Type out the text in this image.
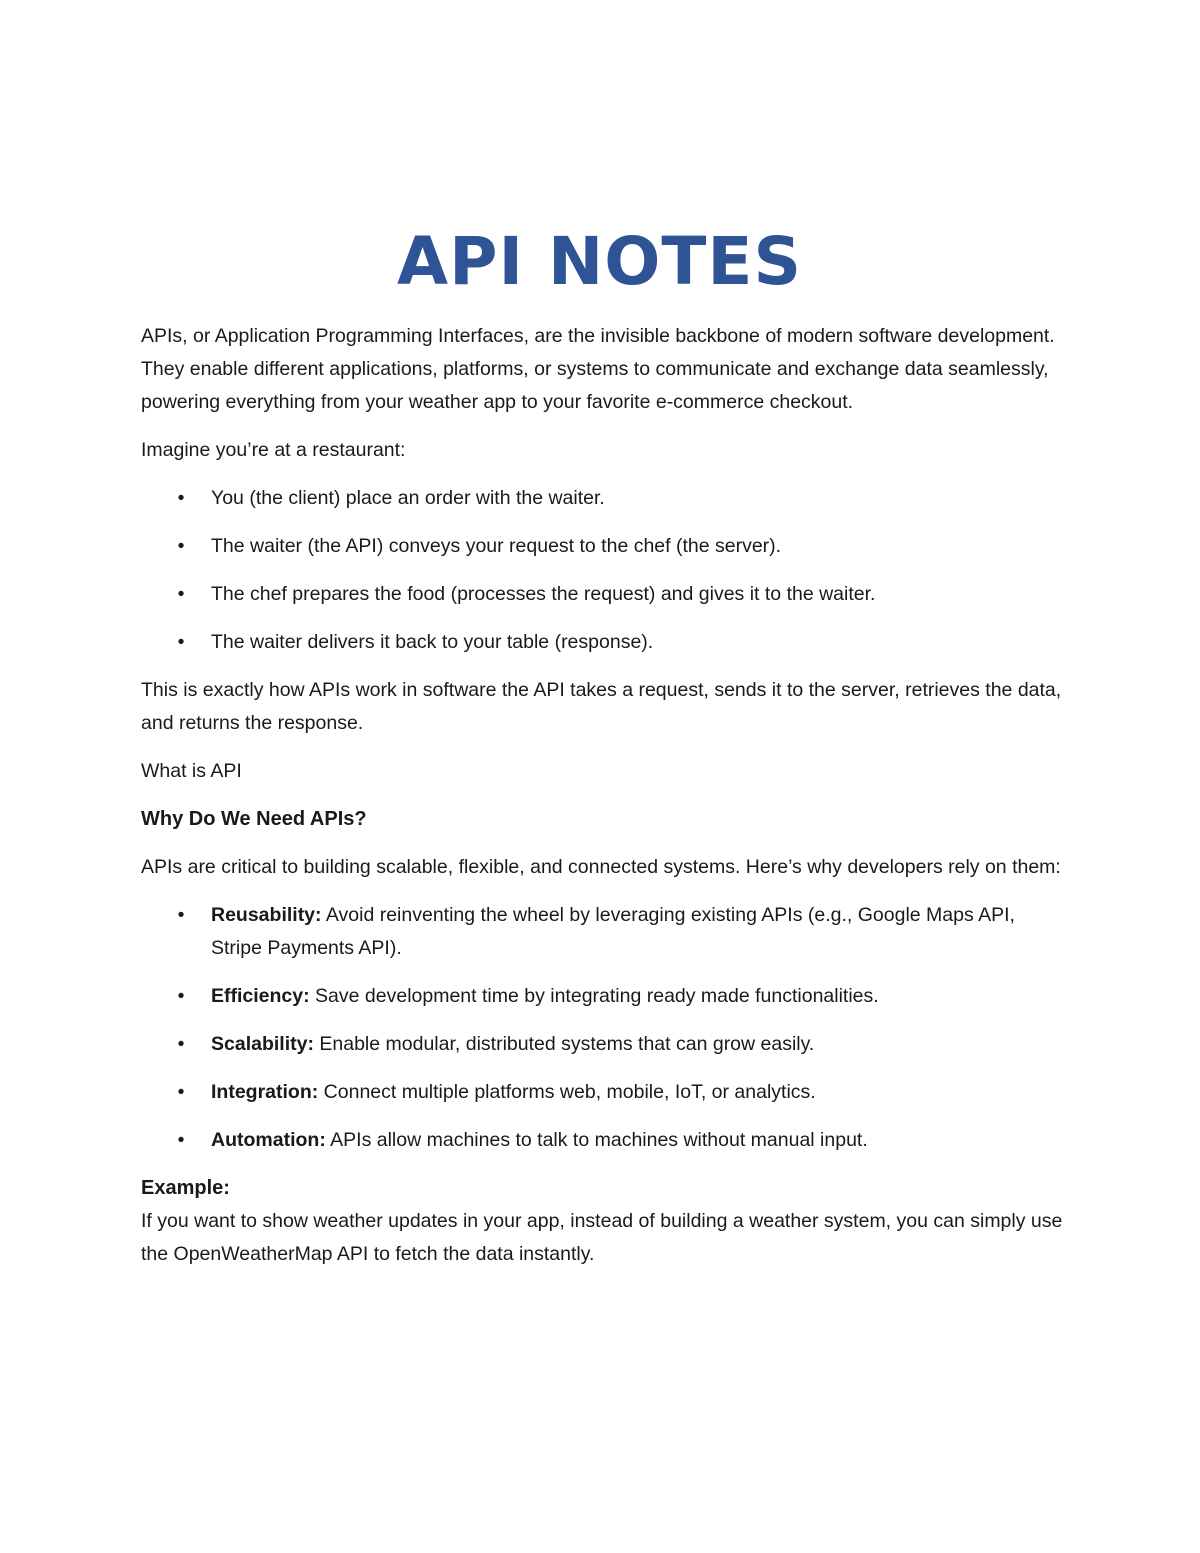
API NOTES

APIs, or Application Programming Interfaces, are the invisible backbone of modern software development. They enable different applications, platforms, or systems to communicate and exchange data seamlessly, powering everything from your weather app to your favorite e-commerce checkout.

Imagine you’re at a restaurant:

• You (the client) place an order with the waiter.
• The waiter (the API) conveys your request to the chef (the server).
• The chef prepares the food (processes the request) and gives it to the waiter.
• The waiter delivers it back to your table (response).

This is exactly how APIs work in software the API takes a request, sends it to the server, retrieves the data, and returns the response.

What is API

Why Do We Need APIs?

APIs are critical to building scalable, flexible, and connected systems. Here’s why developers rely on them:

• Reusability: Avoid reinventing the wheel by leveraging existing APIs (e.g., Google Maps API, Stripe Payments API).
• Efficiency: Save development time by integrating ready made functionalities.
• Scalability: Enable modular, distributed systems that can grow easily.
• Integration: Connect multiple platforms web, mobile, IoT, or analytics.
• Automation: APIs allow machines to talk to machines without manual input.

Example:

If you want to show weather updates in your app, instead of building a weather system, you can simply use the OpenWeatherMap API to fetch the data instantly.
